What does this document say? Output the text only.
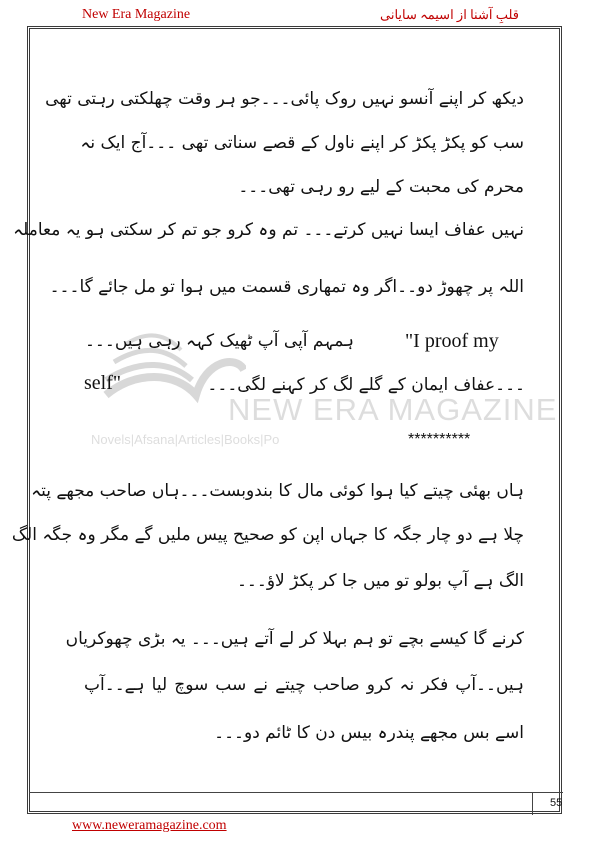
New Era Magazine	قلبِ آشنا از اسیمہ سایانی
NEW ERA MAGAZINE
Novels|Afsana|Articles|Books|Po
دیکھ کر اپنے آنسو نہیں روک پائی۔۔۔جو ہر وقت چھلکتی رہتی تھی
سب کو پکڑ پکڑ کر اپنے ناول کے قصے سناتی تھی ۔۔۔آج ایک نہ
محرم کی محبت کے لیے رو رہی تھی۔۔۔
نہیں عفاف ایسا نہیں کرتے۔۔۔ تم وہ کرو جو تم کر سکتی ہو یہ معاملہ
اللہ پر چھوڑ دو۔۔اگر وہ تمھاری قسمت میں ہوا تو مل جائے گا۔۔۔
ہمہم آپی آپ ٹھیک کہہ رہی ہیں۔۔۔	"I proof my
self"	۔۔۔عفاف ایمان کے گلے لگ کر کہنے لگی۔۔۔
**********
ہاں بھئی چیتے کیا ہوا کوئی مال کا بندوبست۔۔۔ہاں صاحب مجھے پتہ
چلا ہے دو چار جگہ کا جہاں اپن کو صحیح پیس ملیں گے مگر وہ جگہ الگ
الگ ہے آپ بولو تو میں جا کر پکڑ لاؤ۔۔۔
کرنے گا کیسے بچے تو ہم بہلا کر لے آتے ہیں۔۔۔ یہ بڑی چھوکریاں
ہیں۔۔آپ فکر نہ کرو صاحب چیتے نے سب سوچ لیا ہے۔۔آپ
اسے بس مجھے پندرہ بیس دن کا ٹائم دو۔۔۔
55
www.neweramagazine.com
